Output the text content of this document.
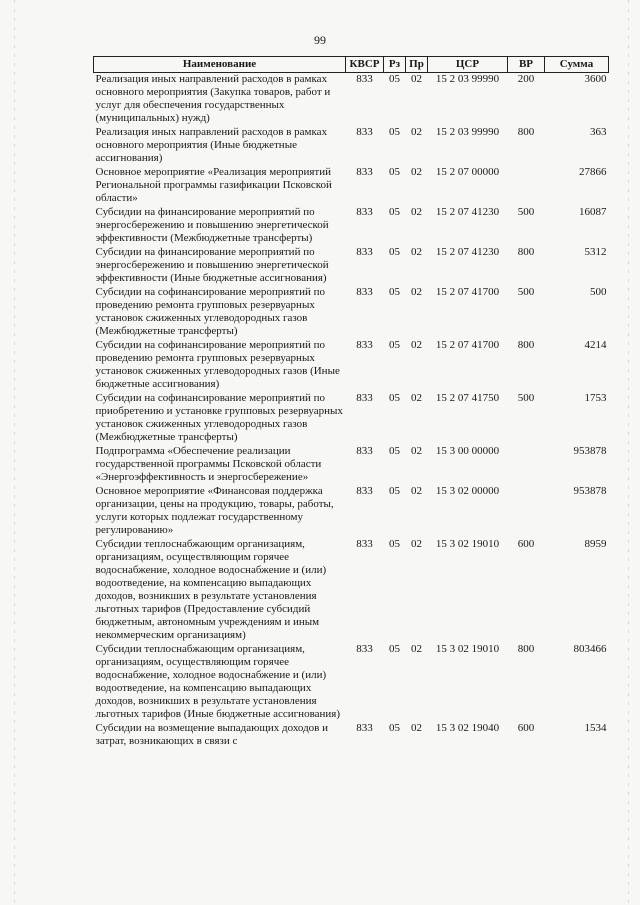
99
Наименование	КВСР	Рз	Пр	ЦСР	ВР	Сумма
Реализация иных направлений расходов в рамках основного мероприятия (Закупка товаров, работ и услуг для обеспечения государственных (муниципальных) нужд)	833	05	02	15 2 03 99990	200	3600
Реализация иных направлений расходов в рамках основного мероприятия (Иные бюджетные ассигнования)	833	05	02	15 2 03 99990	800	363
Основное мероприятие «Реализация мероприятий Региональной программы газификации Псковской области»	833	05	02	15 2 07 00000		27866
Субсидии на финансирование мероприятий по энергосбережению и повышению энергетической эффективности (Межбюджетные трансферты)	833	05	02	15 2 07 41230	500	16087
Субсидии на финансирование мероприятий по энергосбережению и повышению энергетической эффективности (Иные бюджетные ассигнования)	833	05	02	15 2 07 41230	800	5312
Субсидии на софинансирование мероприятий по проведению ремонта групповых резервуарных установок сжиженных углеводородных газов (Межбюджетные трансферты)	833	05	02	15 2 07 41700	500	500
Субсидии на софинансирование мероприятий по проведению ремонта групповых резервуарных установок сжиженных углеводородных газов (Иные бюджетные ассигнования)	833	05	02	15 2 07 41700	800	4214
Субсидии на софинансирование мероприятий по приобретению и установке групповых резервуарных установок сжиженных углеводородных газов (Межбюджетные трансферты)	833	05	02	15 2 07 41750	500	1753
Подпрограмма «Обеспечение реализации государственной программы Псковской области «Энергоэффективность и энергосбережение»	833	05	02	15 3 00 00000		953878
Основное мероприятие «Финансовая поддержка организации, цены на продукцию, товары, работы, услуги которых подлежат государственному регулированию»	833	05	02	15 3 02 00000		953878
Субсидии теплоснабжающим организациям, организациям, осуществляющим горячее водоснабжение, холодное водоснабжение и (или) водоотведение, на компенсацию выпадающих доходов, возникших в результате установления льготных тарифов (Предоставление субсидий бюджетным, автономным учреждениям и иным некоммерческим организациям)	833	05	02	15 3 02 19010	600	8959
Субсидии теплоснабжающим организациям, организациям, осуществляющим горячее водоснабжение, холодное водоснабжение и (или) водоотведение, на компенсацию выпадающих доходов, возникших в результате установления льготных тарифов (Иные бюджетные ассигнования)	833	05	02	15 3 02 19010	800	803466
Субсидии на возмещение выпадающих доходов и затрат, возникающих в связи с	833	05	02	15 3 02 19040	600	1534
